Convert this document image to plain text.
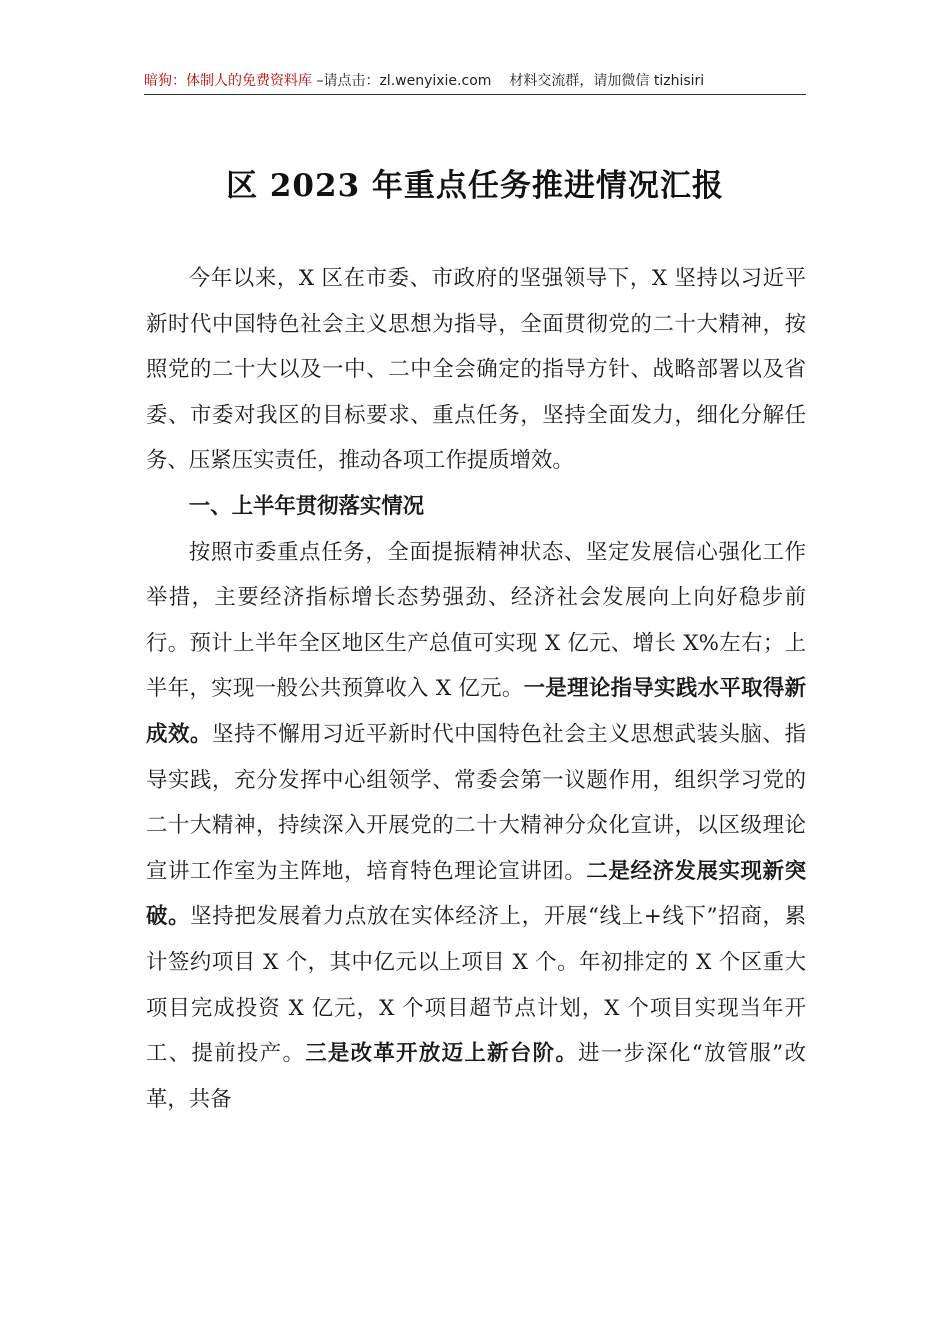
暗狗：体制人的免费资料库 –请点击：zl.wenyixie.com 材料交流群，请加微信 tizhisiri
区 2023 年重点任务推进情况汇报

今年以来，X 区在市委、市政府的坚强领导下，X 坚持以习近平新时代中国特色社会主义思想为指导，全面贯彻党的二十大精神，按照党的二十大以及一中、二中全会确定的指导方针、战略部署以及省委、市委对我区的目标要求、重点任务，坚持全面发力，细化分解任务、压紧压实责任，推动各项工作提质增效。

一、上半年贯彻落实情况

按照市委重点任务，全面提振精神状态、坚定发展信心强化工作举措，主要经济指标增长态势强劲、经济社会发展向上向好稳步前行。预计上半年全区地区生产总值可实现 X 亿元、增长 X%左右；上半年，实现一般公共预算收入 X 亿元。一是理论指导实践水平取得新成效。坚持不懈用习近平新时代中国特色社会主义思想武装头脑、指导实践，充分发挥中心组领学、常委会第一议题作用，组织学习党的二十大精神，持续深入开展党的二十大精神分众化宣讲，以区级理论宣讲工作室为主阵地，培育特色理论宣讲团。二是经济发展实现新突破。坚持把发展着力点放在实体经济上，开展“线上+线下”招商，累计签约项目 X 个，其中亿元以上项目 X 个。年初排定的 X 个区重大项目完成投资 X 亿元，X 个项目超节点计划，X 个项目实现当年开工、提前投产。三是改革开放迈上新台阶。进一步深化“放管服”改革，共备
